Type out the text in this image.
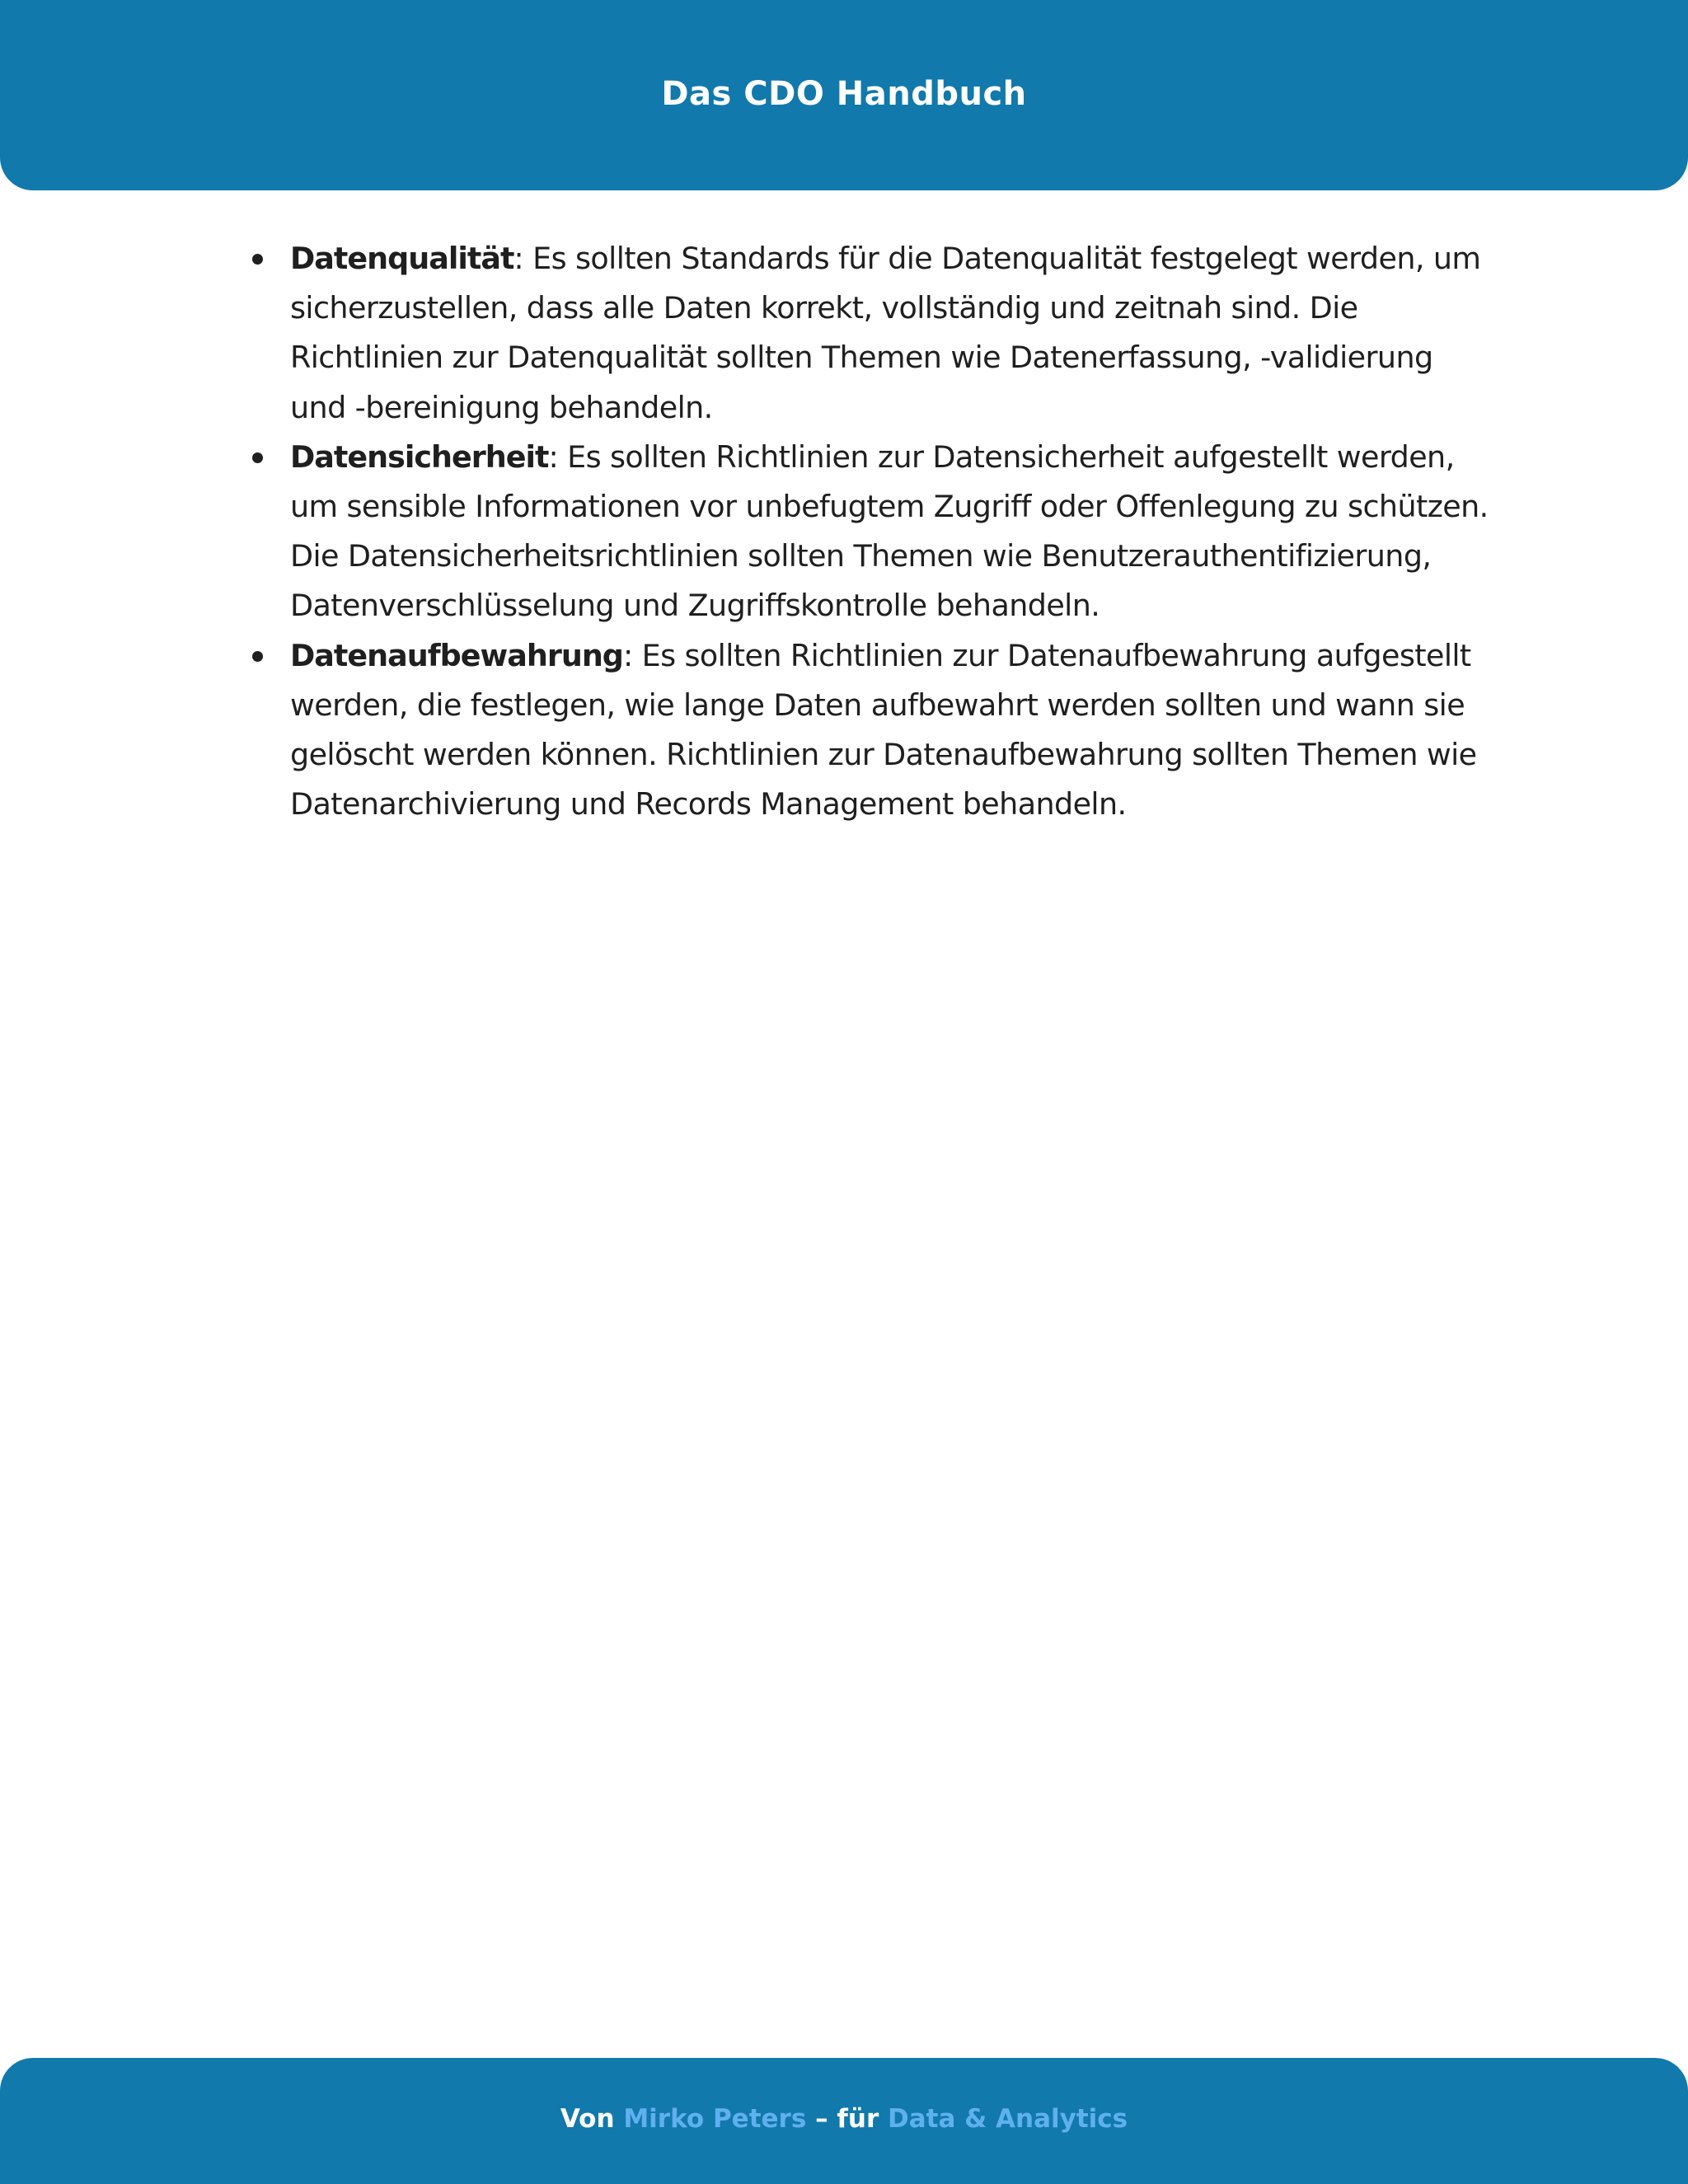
Das CDO Handbuch
Datenqualität: Es sollten Standards für die Datenqualität festgelegt werden, um sicherzustellen, dass alle Daten korrekt, vollständig und zeitnah sind. Die Richtlinien zur Datenqualität sollten Themen wie Datenerfassung, -validierung und -bereinigung behandeln.
Datensicherheit: Es sollten Richtlinien zur Datensicherheit aufgestellt werden, um sensible Informationen vor unbefugtem Zugriff oder Offenlegung zu schützen. Die Datensicherheitsrichtlinien sollten Themen wie Benutzerauthentifizierung, Datenverschlüsselung und Zugriffskontrolle behandeln.
Datenaufbewahrung: Es sollten Richtlinien zur Datenaufbewahrung aufgestellt werden, die festlegen, wie lange Daten aufbewahrt werden sollten und wann sie gelöscht werden können. Richtlinien zur Datenaufbewahrung sollten Themen wie Datenarchivierung und Records Management behandeln.
Von Mirko Peters – für Data & Analytics
